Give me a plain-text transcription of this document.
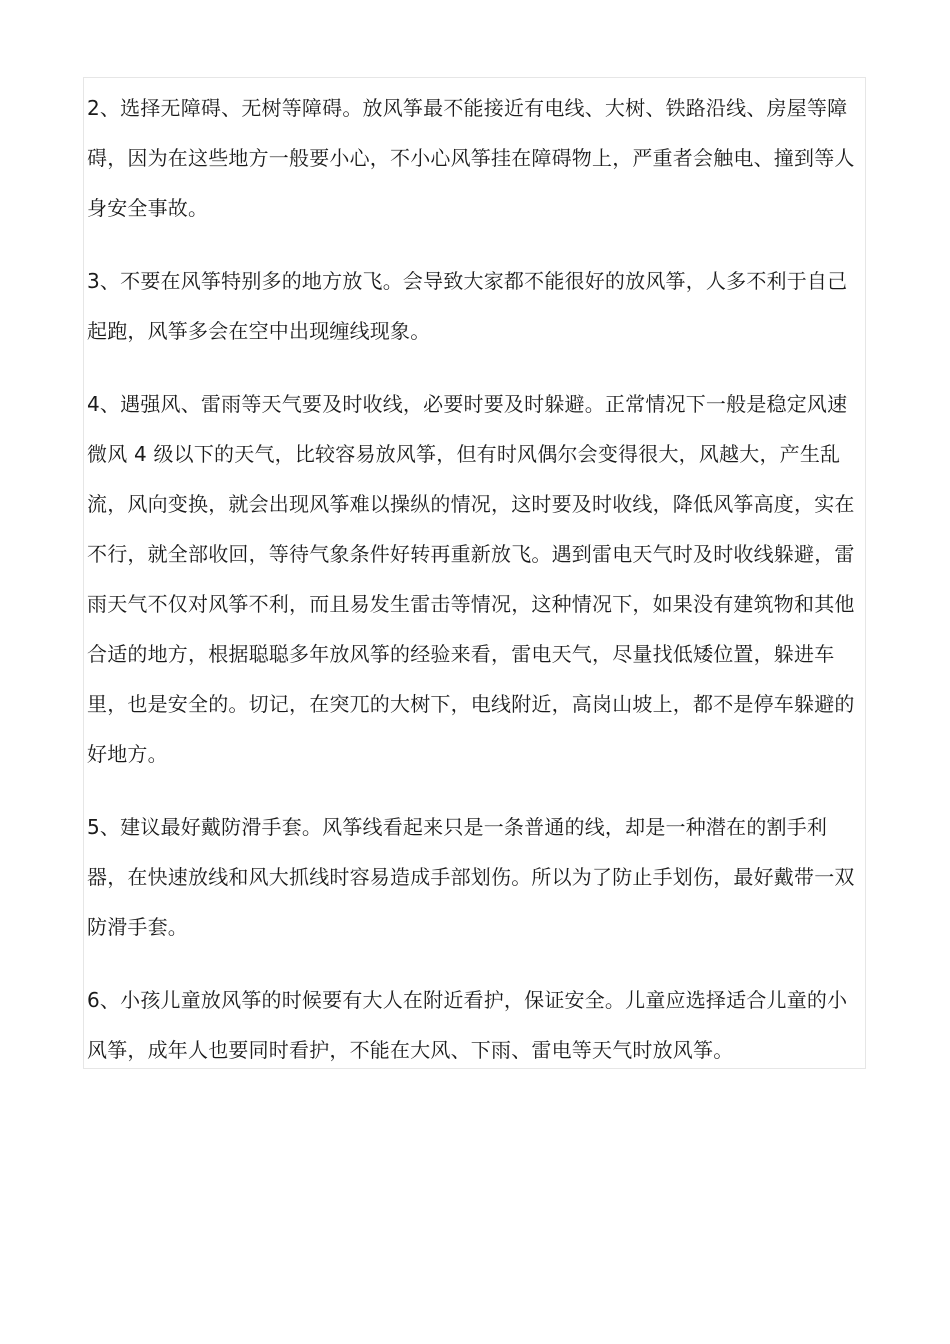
2、选择无障碍、无树等障碍。放风筝最不能接近有电线、大树、铁路沿线、房屋等障碍，因为在这些地方一般要小心，不小心风筝挂在障碍物上，严重者会触电、撞到等人身安全事故。

3、不要在风筝特别多的地方放飞。会导致大家都不能很好的放风筝，人多不利于自己起跑，风筝多会在空中出现缠线现象。

4、遇强风、雷雨等天气要及时收线，必要时要及时躲避。正常情况下一般是稳定风速微风 4 级以下的天气，比较容易放风筝，但有时风偶尔会变得很大，风越大，产生乱流，风向变换，就会出现风筝难以操纵的情况，这时要及时收线，降低风筝高度，实在不行，就全部收回，等待气象条件好转再重新放飞。遇到雷电天气时及时收线躲避，雷雨天气不仅对风筝不利，而且易发生雷击等情况，这种情况下，如果没有建筑物和其他合适的地方，根据聪聪多年放风筝的经验来看，雷电天气，尽量找低矮位置，躲进车里，也是安全的。切记，在突兀的大树下，电线附近，高岗山坡上，都不是停车躲避的好地方。

5、建议最好戴防滑手套。风筝线看起来只是一条普通的线，却是一种潜在的割手利器，在快速放线和风大抓线时容易造成手部划伤。所以为了防止手划伤，最好戴带一双防滑手套。

6、小孩儿童放风筝的时候要有大人在附近看护，保证安全。儿童应选择适合儿童的小风筝，成年人也要同时看护，不能在大风、下雨、雷电等天气时放风筝。
